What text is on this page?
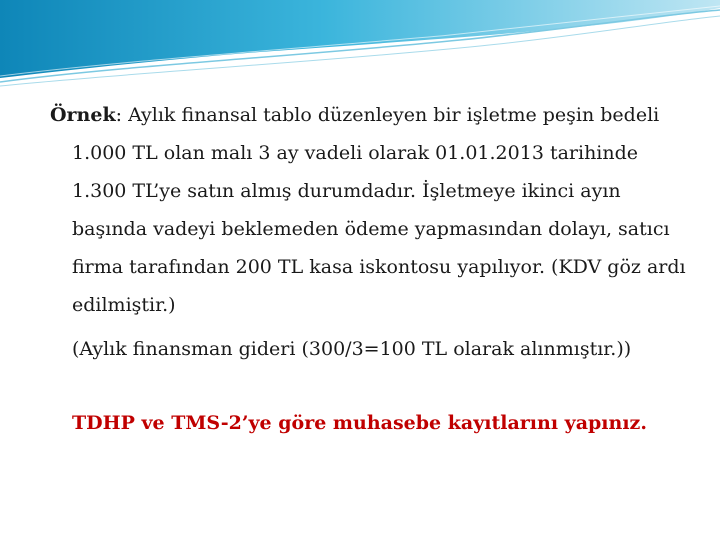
Örnek: Aylık finansal tablo düzenleyen bir işletme peşin bedeli 1.000 TL olan malı 3 ay vadeli olarak 01.01.2013 tarihinde 1.300 TL’ye satın almış durumdadır. İşletmeye ikinci ayın başında vadeyi beklemeden ödeme yapmasından dolayı, satıcı firma tarafından 200 TL kasa iskontosu yapılıyor. (KDV göz ardı edilmiştir.)

(Aylık finansman gideri (300/3=100 TL olarak alınmıştır.))

TDHP ve TMS-2’ye göre muhasebe kayıtlarını yapınız.
